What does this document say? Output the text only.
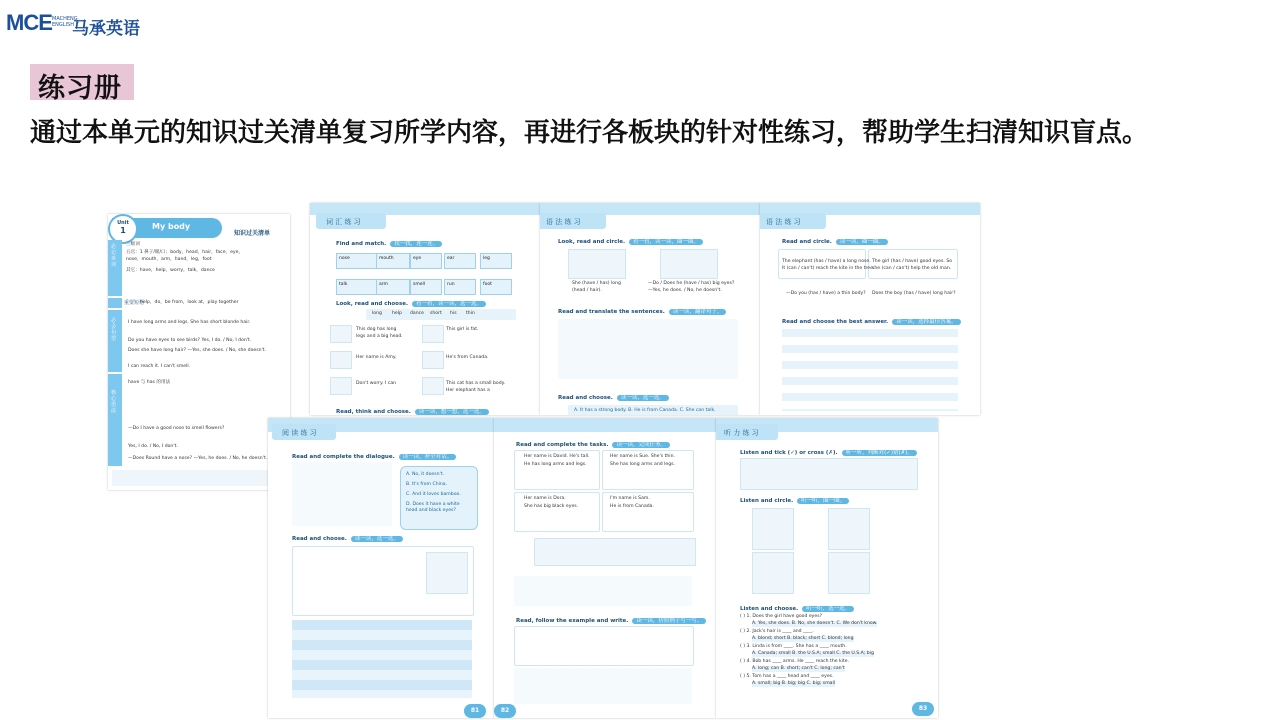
MCE MACHENG ENGLISH
马承英语
练习册
通过本单元的知识过关清单复习所学内容，再进行各板块的针对性练习，帮助学生扫清知识盲点。
Unit
1	My body
知识过关清单
必记单词
重要短语
必会句型
核心语法
三级词
五官：1 鼻子/眼/口；body，head，hair，face，eye，
nose，mouth，arm，hand，leg，foot
其它：have，help，worry，talk，dance
help，do，be from，look at，play together
I have long arms and legs. She has short blonde hair.
Do you have eyes to see birds? Yes, I do. / No, I don't.
Does she have long hair? —Yes, she does. / No, she doesn't.
I can reach it. I can't smell.
have 与 has 的用法
—Do I have a good nose to smell flowers?
Yes, I do. / No, I don't.
—Does Round have a nose? —Yes, he does. / No, he doesn't.
词 汇 练 习
Find and match. 找一找，连一连。
nose	mouth	eye	ear	leg
talk	arm	smell	run	foot
Look, read and choose. 看一看，读一读，选一选。
long help dance short his thin
This dog has long
legs and a big head.
This girl is fat.
Her name is Amy.	He's from Canada.
Don't worry. I can	This cat has a small body.
Her elephant has a
Read, think and choose. 读一读，想一想，选一选。
语 法 练 习
Look, read and circle. 看一看，读一读，圈一圈。
She (have / has) long
(head / hair).
—Do / Does he (have / has) big eyes?
—Yes, he does. / No, he doesn't.
Read and translate the sentences. 读一读，翻译句子。
Read and choose. 读一读，选一选。
A. It has a strong body. B. He is from Canada. C. She can talk.
语 法 练 习
Read and circle. 读一读，圈一圈。
The elephant (has / have) a long nose.
It (can / can't) reach the kite in the tree.
The girl (has / have) good eyes. So
she (can / can't) help the old man.
—Do you (has / have) a thin body? Does the boy (has / have) long hair?
Read and choose the best answer. 读一读，选择最佳答案。
阅 读 练 习
Read and complete the dialogue. 读一读，补全对话。
A. No, it doesn't.
B. It's from China.
C. And it loves bamboo.
D. Does it have a white head and black eyes?
Read and choose. 读一读，选一选。
81
Read and complete the tasks. 读一读，完成任务。
Her name is David. He's tall.
He has long arms and legs.
Her name is Sue. She's thin.
She has long arms and legs.
Her name is Dora.
She has big black eyes.
I'm name is Sam.
He is from Canada.
Read, follow the example and write. 读一读，仿照例子写一写。
82
听 力 练 习
Listen and tick (✓) or cross (✗). 听一听，判断对(✓)错(✗)。
Listen and circle. 听一听，圈一圈。
Listen and choose. 听一听，选一选。
( ) 1. Does the girl have good eyes?
A. Yes, she does. B. No, she doesn't. C. We don't know.
( ) 2. Jack's hair is ____ and ____.
A. blond; short B. black; short C. blond; long
( ) 3. Linda is from ____. She has a ____ mouth.
A. Canada; small B. the U.S.A; small C. the U.S.A; big
( ) 4. Bob has ____ arms. He ____ reach the kite.
A. long; can B. short; can't C. long; can't
( ) 5. Tom has a ____ head and ____ eyes.
A. small; big B. big; big C. big; small
83
